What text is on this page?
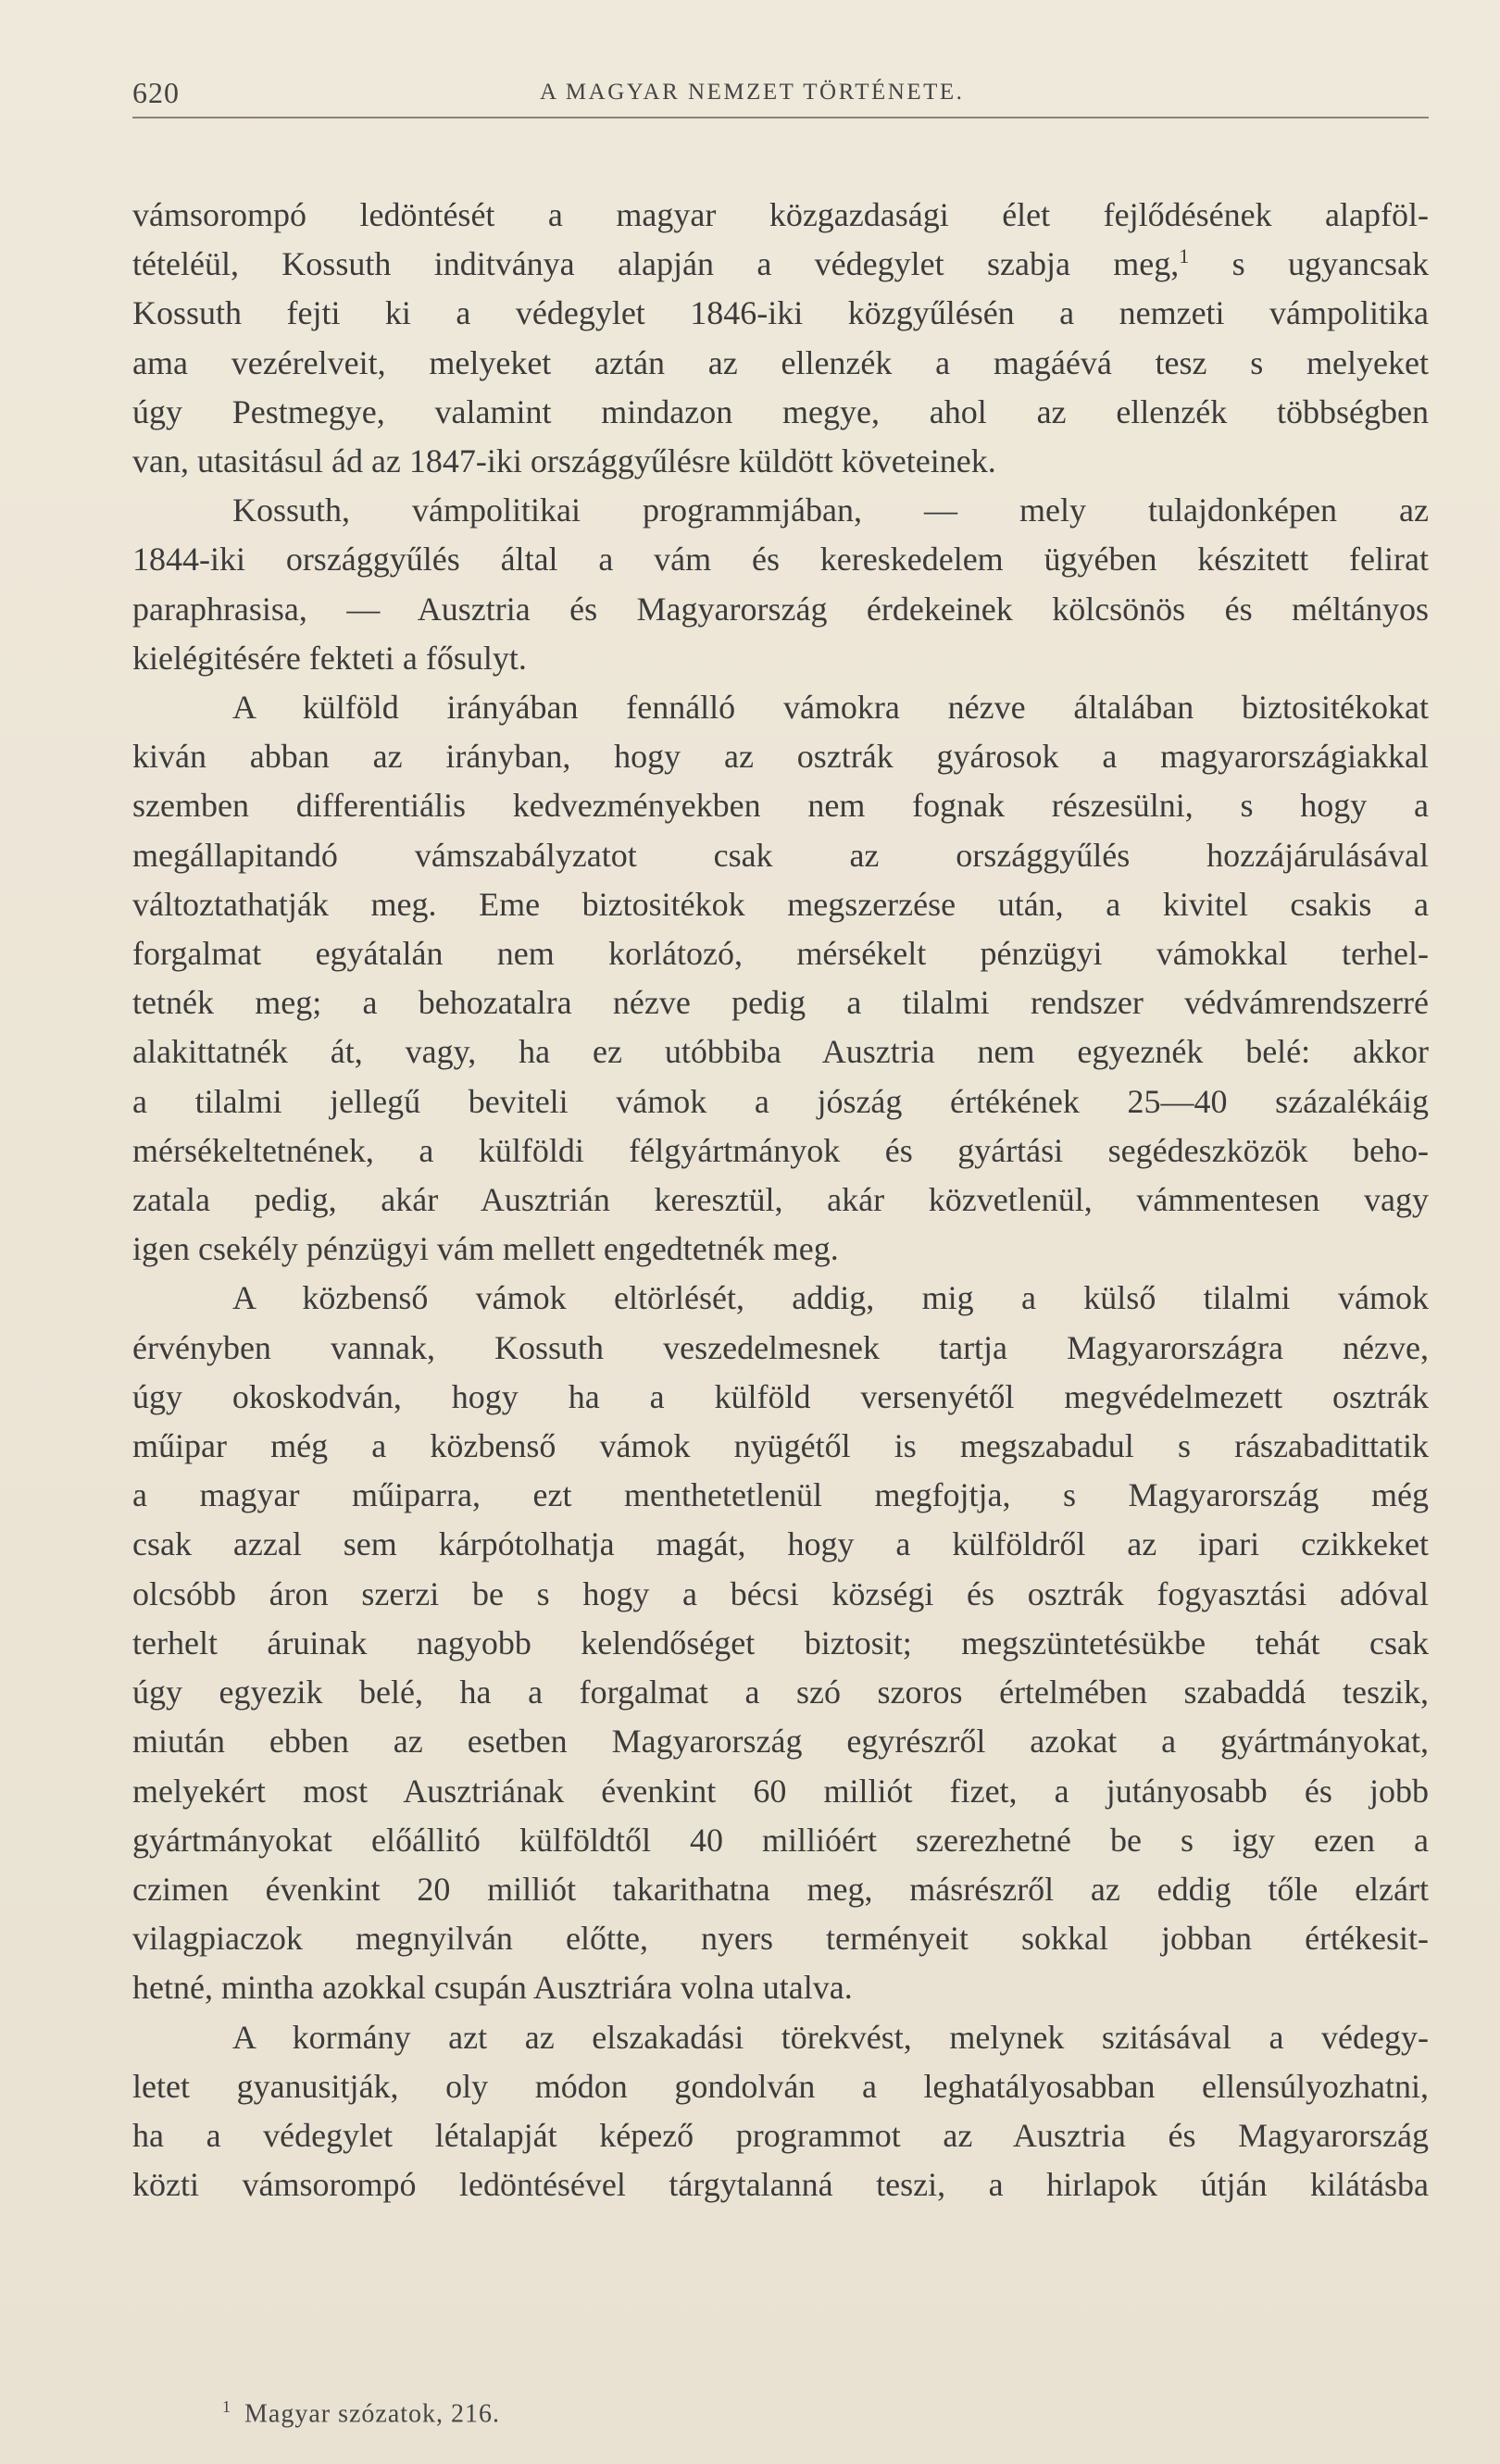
620	A MAGYAR NEMZET TÖRTÉNETE.
vámsorompó ledöntését a magyar közgazdasági élet fejlődésének alapföl-
tételéül, Kossuth inditványa alapján a védegylet szabja meg,$^1$ s ugyancsak
Kossuth fejti ki a védegylet 1846-iki közgyűlésén a nemzeti vámpolitika
ama vezérelveit, melyeket aztán az ellenzék a magáévá tesz s melyeket
úgy Pestmegye, valamint mindazon megye, ahol az ellenzék többségben
van, utasitásul ád az 1847-iki országgyűlésre küldött követeinek.
Kossuth, vámpolitikai programmjában, — mely tulajdonképen az
1844-iki országgyűlés által a vám és kereskedelem ügyében készitett felirat
paraphrasisa, — Ausztria és Magyarország érdekeinek kölcsönös és méltányos
kielégitésére fekteti a fősulyt.
A külföld irányában fennálló vámokra nézve általában biztositékokat
kiván abban az irányban, hogy az osztrák gyárosok a magyarországiakkal
szemben differentiális kedvezményekben nem fognak részesülni, s hogy a
megállapitandó vámszabályzatot csak az országgyűlés hozzájárulásával
változtathatják meg. Eme biztositékok megszerzése után, a kivitel csakis a
forgalmat egyátalán nem korlátozó, mérsékelt pénzügyi vámokkal terhel-
tetnék meg; a behozatalra nézve pedig a tilalmi rendszer védvámrendszerré
alakittatnék át, vagy, ha ez utóbbiba Ausztria nem egyeznék belé: akkor
a tilalmi jellegű beviteli vámok a jószág értékének 25—40 százalékáig
mérsékeltetnének, a külföldi félgyártmányok és gyártási segédeszközök beho-
zatala pedig, akár Ausztrián keresztül, akár közvetlenül, vámmentesen vagy
igen csekély pénzügyi vám mellett engedtetnék meg.
A közbenső vámok eltörlését, addig, mig a külső tilalmi vámok
érvényben vannak, Kossuth veszedelmesnek tartja Magyarországra nézve,
úgy okoskodván, hogy ha a külföld versenyétől megvédelmezett osztrák
műipar még a közbenső vámok nyügétől is megszabadul s rászabadittatik
a magyar műiparra, ezt menthetetlenül megfojtja, s Magyarország még
csak azzal sem kárpótolhatja magát, hogy a külföldről az ipari czikkeket
olcsóbb áron szerzi be s hogy a bécsi községi és osztrák fogyasztási adóval
terhelt áruinak nagyobb kelendőséget biztosit; megszüntetésükbe tehát csak
úgy egyezik belé, ha a forgalmat a szó szoros értelmében szabaddá teszik,
miután ebben az esetben Magyarország egyrészről azokat a gyártmányokat,
melyekért most Ausztriának évenkint 60 milliót fizet, a jutányosabb és jobb
gyártmányokat előállitó külföldtől 40 millióért szerezhetné be s igy ezen a
czimen évenkint 20 milliót takarithatna meg, másrészről az eddig tőle elzárt
vilagpiaczok megnyilván előtte, nyers terményeit sokkal jobban értékesit-
hetné, mintha azokkal csupán Ausztriára volna utalva.
A kormány azt az elszakadási törekvést, melynek szitásával a védegy-
letet gyanusitják, oly módon gondolván a leghatályosabban ellensúlyozhatni,
ha a védegylet létalapját képező programmot az Ausztria és Magyarország
közti vámsorompó ledöntésével tárgytalanná teszi, a hirlapok útján kilátásba
$^1$ Magyar szózatok, 216.
